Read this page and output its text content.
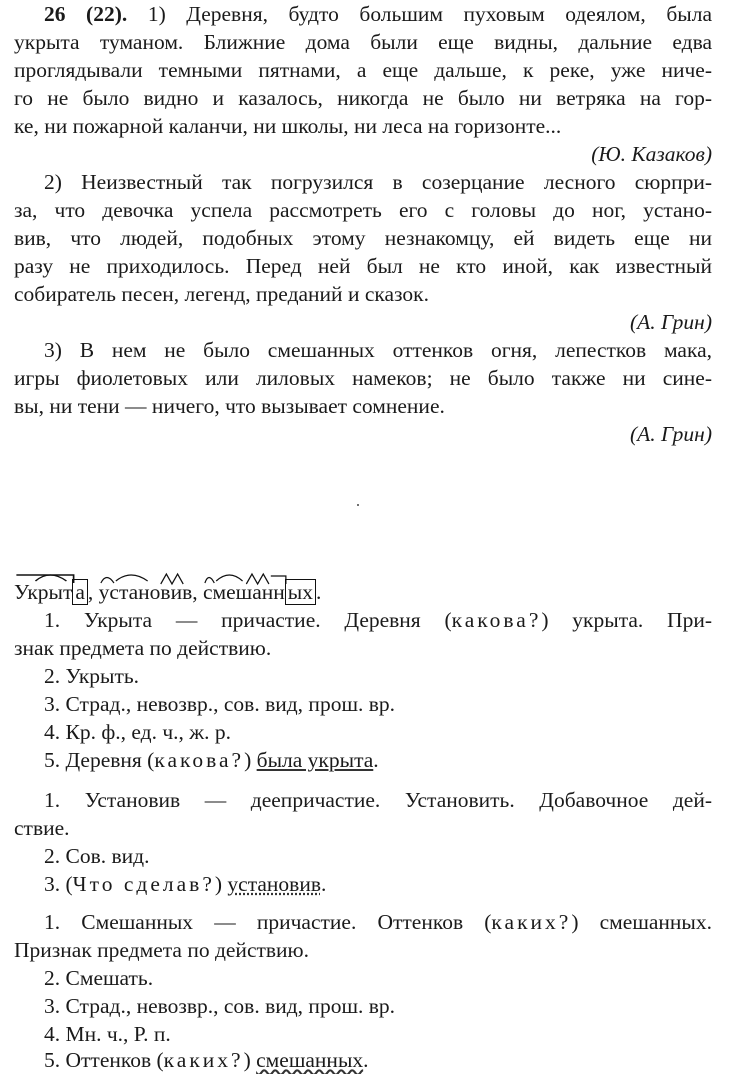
26 (22). 1) Деревня, будто большим пуховым одеялом, была
укрыта туманом. Ближние дома были еще видны, дальние едва
проглядывали темными пятнами, а еще дальше, к реке, уже ниче-
го не было видно и казалось, никогда не было ни ветряка на гор-
ке, ни пожарной каланчи, ни школы, ни леса на горизонте...
(Ю. Казаков)
2) Неизвестный так погрузился в созерцание лесного сюрпри-
за, что девочка успела рассмотреть его с головы до ног, устано-
вив, что людей, подобных этому незнакомцу, ей видеть еще ни
разу не приходилось. Перед ней был не кто иной, как известный
собиратель песен, легенд, преданий и сказок.
(А. Грин)
3) В нем не было смешанных оттенков огня, лепестков мака,
игры фиолетовых или лиловых намеков; не было также ни сине-
вы, ни тени — ничего, что вызывает сомнение.
(А. Грин)
Укрыт а ,
установив,
смешанн ых .
1. Укрыта — причастие. Деревня (какова?) укрыта. При-
знак предмета по действию.
2. Укрыть.
3. Страд., невозвр., сов. вид, прош. вр.
4. Кр. ф., ед. ч., ж. р.
5. Деревня (какова?) была укрыта.
1. Установив — деепричастие. Установить. Добавочное дей-
ствие.
2. Сов. вид.
3. (Что сделав?) установив.
1. Смешанных — причастие. Оттенков (каких?) смешанных.
Признак предмета по действию.
2. Смешать.
3. Страд., невозвр., сов. вид, прош. вр.
4. Мн. ч., Р. п.
5. Оттенков (каких?) смешанных.
